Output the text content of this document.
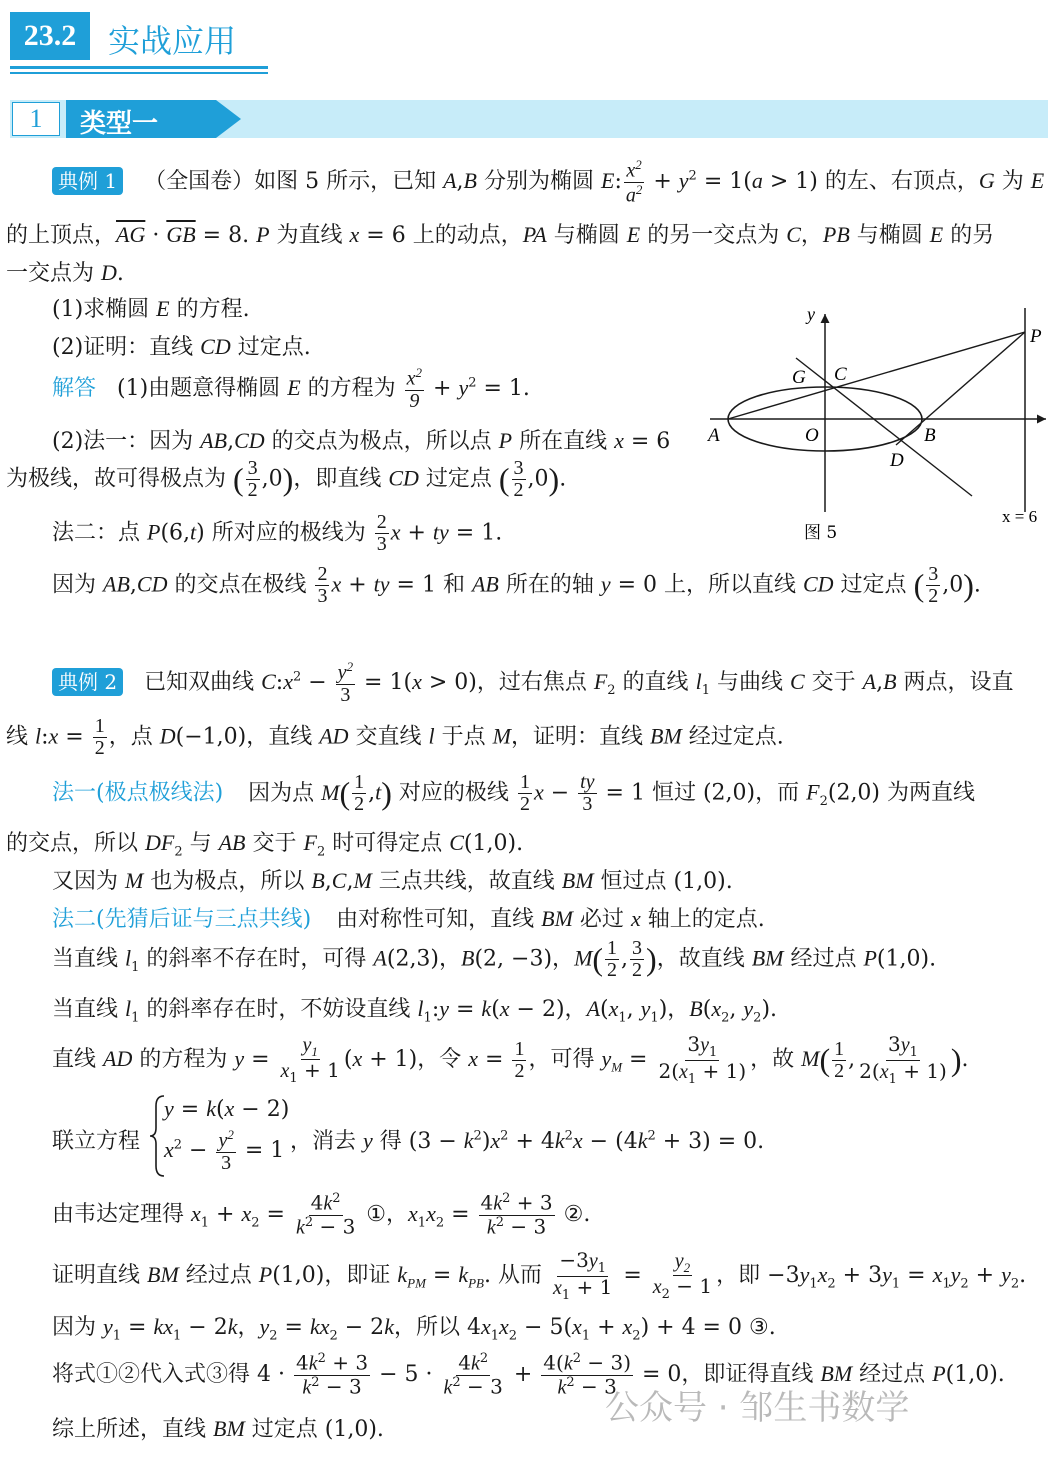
23.2 实战应用
1	类型一
典例 1 （全国卷）如图 5 所示，已知 A,B 分别为椭圆 E: $\frac{x^2}{a^2} + y^2 = 1(a > 1)$ 的左、右顶点，G 为 E
的上顶点，$\overline{AG} \cdot \overline{GB} = 8$. P 为直线 x = 6 上的动点，PA 与椭圆 E 的另一交点为 C，PB 与椭圆 E 的另
一交点为 D.
(1)求椭圆 E 的方程.
(2)证明：直线 CD 过定点.
解答 (1)由题意得椭圆 E 的方程为 $\frac{x^2}{9} + y^2 = 1$.
(2)法一：因为 AB,CD 的交点为极点，所以点 P 所在直线 x = 6
为极线，故可得极点为 ( $\frac{3}{2} ,0$)，即直线 CD 过定点 ( $\frac{3}{2} ,0$).
法二：点 P(6,t) 所对应的极线为 $\frac{2}{3}$ x + ty = 1.
因为 AB,CD 的交点在极线 $\frac{2}{3}$ x + ty = 1 和 AB 所在的轴 y = 0 上，所以直线 CD 过定点 ( $\frac{3}{2} ,0$).
y
P
G C
A	O	B
D
图 5
x = 6
典例 2 已知双曲线 $C:x^2 - \frac{y^2}{3} = 1(x > 0)$，过右焦点 $F_2$ 的直线 $l_1$ 与曲线 C 交于 A,B 两点，设直
线 l:x = $\frac{1}{2}$ ，点 D(−1,0)，直线 AD 交直线 l 于点 M，证明：直线 BM 经过定点.
法一(极点极线法) 因为点 $M( \frac{1}{2} ,t)$ 对应的极线 $\frac{1}{2}$ $x - \frac{ty}{3} = 1$ 恒过 (2,0)，而 $F_2(2,0)$ 为两直线
的交点，所以 $DF_2$ 与 AB 交于 $F_2$ 时可得定点 C(1,0).
又因为 M 也为极点，所以 B,C,M 三点共线，故直线 BM 恒过点 (1,0).
法二(先猜后证与三点共线) 由对称性可知，直线 BM 必过 x 轴上的定点.
当直线 $l_1$ 的斜率不存在时，可得 A(2,3)，B(2, −3)，$M( \frac{1}{2}$ , $\frac{3}{2}$ )，故直线 BM 经过点 P(1,0).
当直线 $l_1$ 的斜率存在时，不妨设直线 $l_1:y = k(x - 2)$，$A(x_1$, $y_1$)，$B(x_2$, $y_2$).
直线 AD 的方程为 $y = \frac{y_1}{x_1 + 1} (x + 1)$，令 $x = \frac{1}{2}$ ，可得 $y_M = \frac{3y_1}{2(x_1 + 1)}$ ，故 $M( \frac{1}{2}$ , $\frac{3y_1}{2(x_1 + 1)}$ ).
联立方程
y = k(x − 2)
$x^2 - \frac{y^2}{3} = 1$ ，消去 y 得 $(3 - k^2)x^2 + 4k^2x - (4k^2 + 3) = 0$.
由韦达定理得 $x_1 + x_2 = \frac{4k^2}{k^2 - 3}$ ①，$x_1x_2 = \frac{4k^2 + 3}{k^2 - 3}$ ②.
证明直线 BM 经过点 P(1,0)，即证 $k_{PM} = k_{PB}$. 从而 $\frac{-3y_1}{x_1 + 1} = \frac{y_2}{x_2 - 1}$ ，即 $-3y_1x_2 + 3y_1 = x_1y_2 + y_2$.
因为 $y_1 = kx_1 - 2k$，$y_2 = kx_2 - 2k$，所以 $4x_1x_2 - 5(x_1 + x_2) + 4 = 0$ ③.
将式①②代入式③得 $4 \cdot \frac{4k^2 + 3}{k^2 - 3} - 5 \cdot \frac{4k^2}{k^2 - 3} + \frac{4(k^2 - 3)}{k^2 - 3} = 0$，即证得直线 BM 经过点 P(1,0).
综上所述，直线 BM 过定点 (1,0).
公众号 · 邹生书数学
